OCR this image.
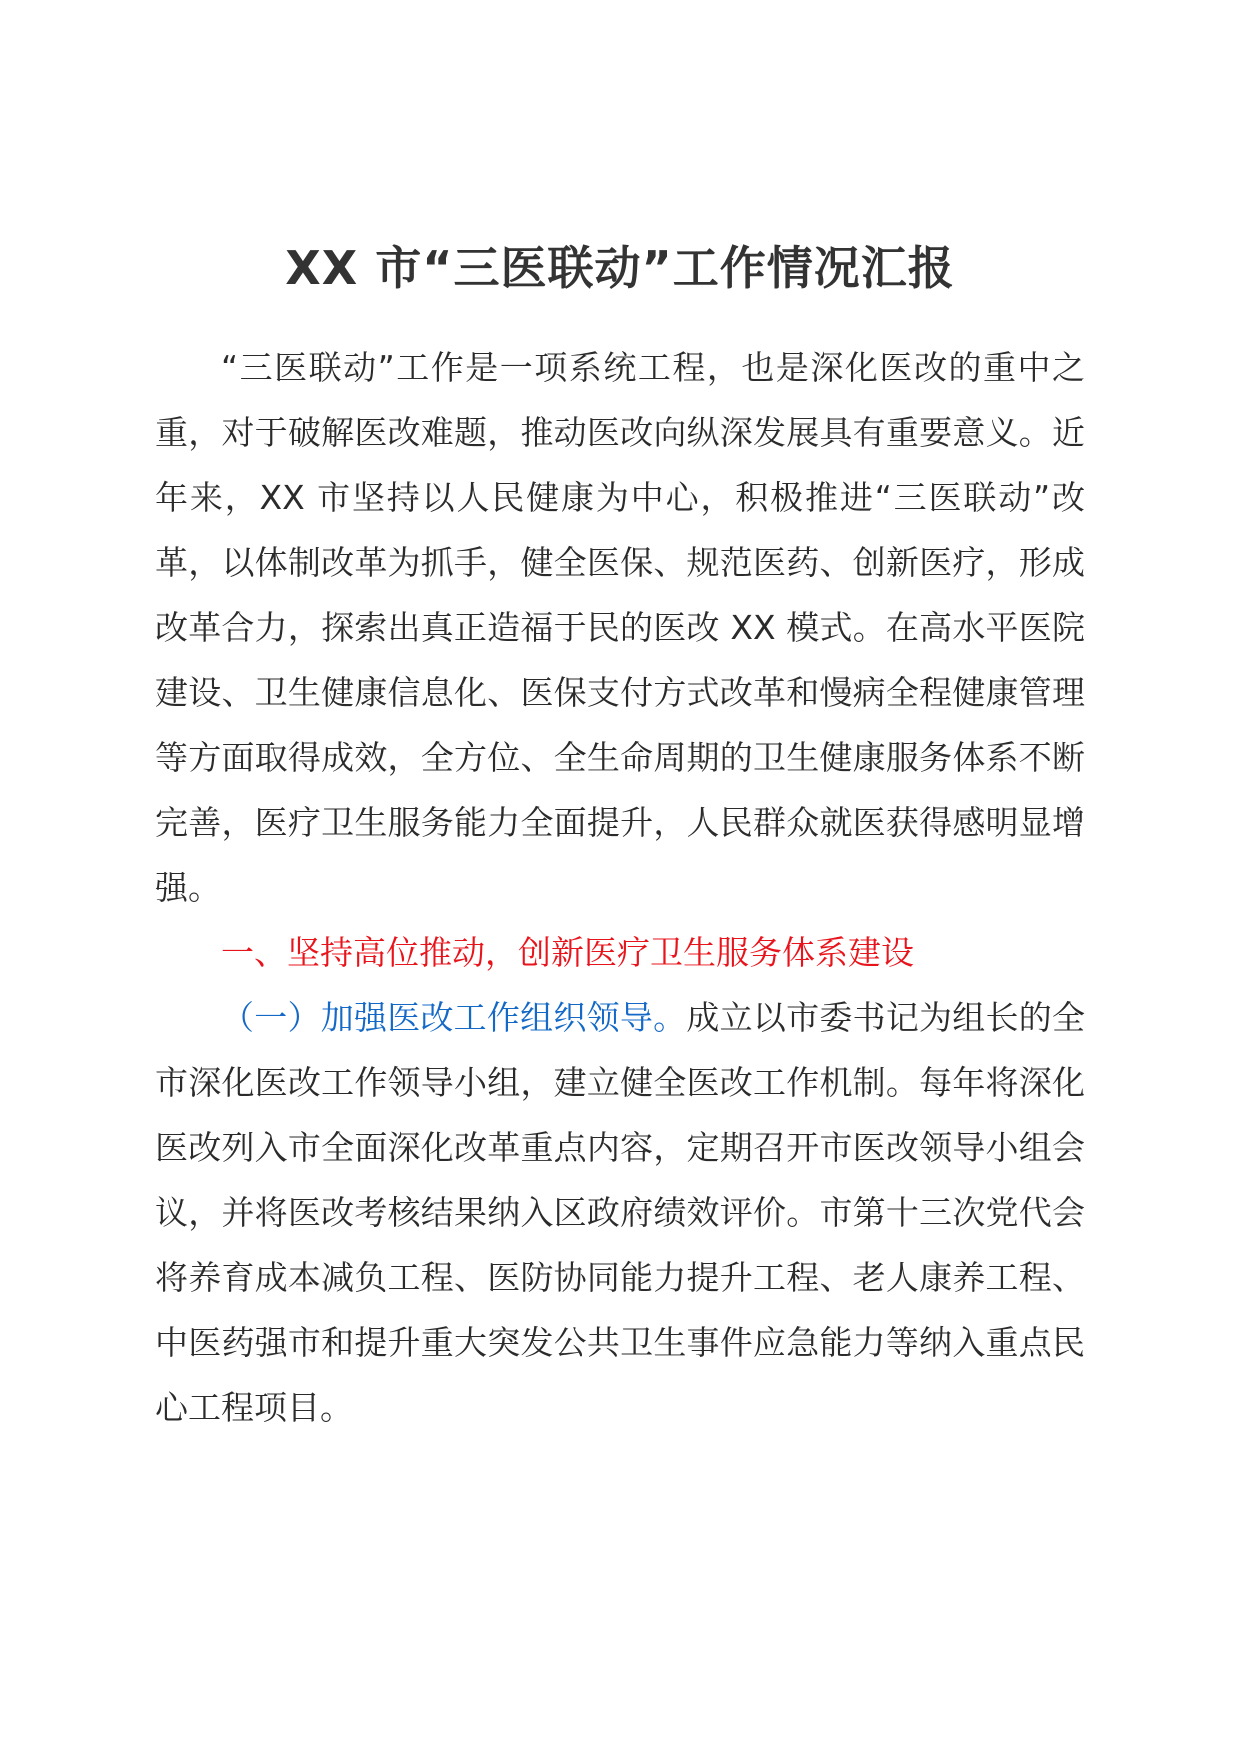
XX 市“三医联动”工作情况汇报

“三医联动”工作是一项系统工程，也是深化医改的重中之重，对于破解医改难题，推动医改向纵深发展具有重要意义。近年来，XX 市坚持以人民健康为中心，积极推进“三医联动”改革，以体制改革为抓手，健全医保、规范医药、创新医疗，形成改革合力，探索出真正造福于民的医改 XX 模式。在高水平医院建设、卫生健康信息化、医保支付方式改革和慢病全程健康管理等方面取得成效，全方位、全生命周期的卫生健康服务体系不断完善，医疗卫生服务能力全面提升，人民群众就医获得感明显增强。

一、坚持高位推动，创新医疗卫生服务体系建设

（一）加强医改工作组织领导。成立以市委书记为组长的全市深化医改工作领导小组，建立健全医改工作机制。每年将深化医改列入市全面深化改革重点内容，定期召开市医改领导小组会议，并将医改考核结果纳入区政府绩效评价。市第十三次党代会将养育成本减负工程、医防协同能力提升工程、老人康养工程、中医药强市和提升重大突发公共卫生事件应急能力等纳入重点民心工程项目。
